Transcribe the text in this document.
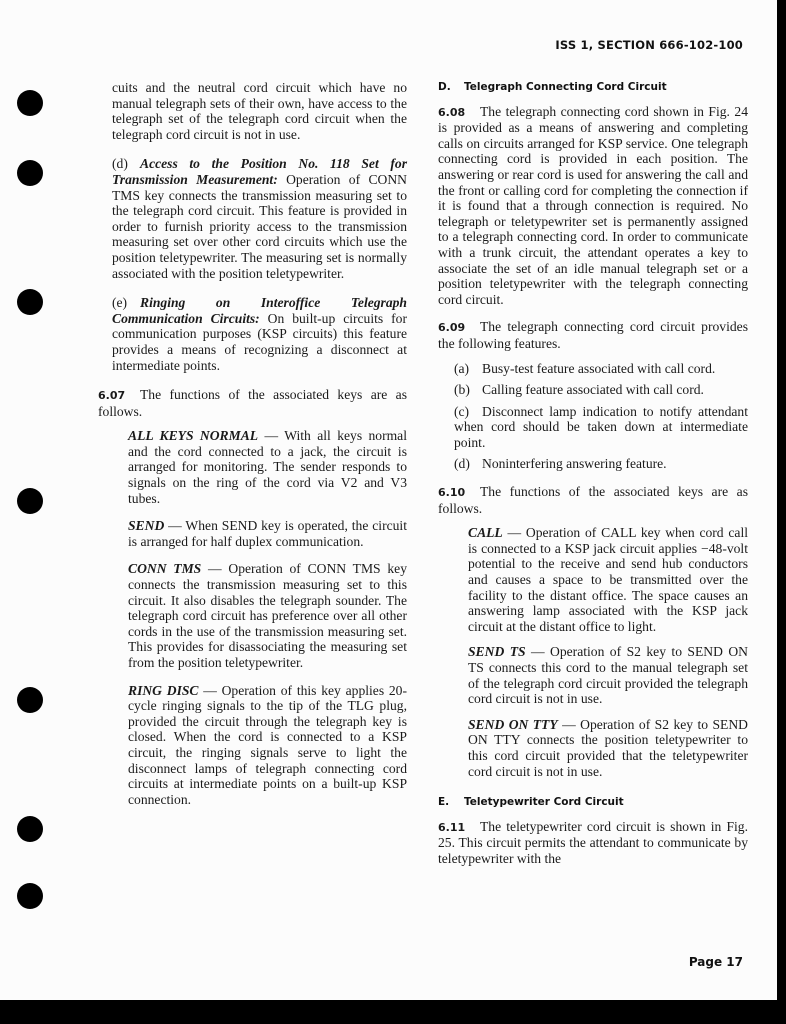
ISS 1, SECTION 666-102-100

cuits and the neutral cord circuit which have no manual telegraph sets of their own, have access to the telegraph set of the telegraph cord circuit when the telegraph cord circuit is not in use.

(d) Access to the Position No. 118 Set for Transmission Measurement: Operation of CONN TMS key connects the transmission measuring set to the telegraph cord circuit. This feature is provided in order to furnish priority access to the transmission measuring set over other cord circuits which use the position teletypewriter. The measuring set is normally associated with the position teletypewriter.

(e) Ringing on Interoffice Telegraph Communication Circuits: On built-up circuits for communication purposes (KSP circuits) this feature provides a means of recognizing a disconnect at intermediate points.

6.07 The functions of the associated keys are as follows.

ALL KEYS NORMAL — With all keys normal and the cord connected to a jack, the circuit is arranged for monitoring. The sender responds to signals on the ring of the cord via V2 and V3 tubes.

SEND — When SEND key is operated, the circuit is arranged for half duplex communication.

CONN TMS — Operation of CONN TMS key connects the transmission measuring set to this circuit. It also disables the telegraph sounder. The telegraph cord circuit has preference over all other cords in the use of the transmission measuring set. This provides for disassociating the measuring set from the position teletypewriter.

RING DISC — Operation of this key applies 20-cycle ringing signals to the tip of the TLG plug, provided the circuit through the telegraph key is closed. When the cord is connected to a KSP circuit, the ringing signals serve to light the disconnect lamps of telegraph connecting cord circuits at intermediate points on a built-up KSP connection.

D. Telegraph Connecting Cord Circuit

6.08 The telegraph connecting cord shown in Fig. 24 is provided as a means of answering and completing calls on circuits arranged for KSP service. One telegraph connecting cord is provided in each position. The answering or rear cord is used for answering the call and the front or calling cord for completing the connection if it is found that a through connection is required. No telegraph or teletypewriter set is permanently assigned to a telegraph connecting cord. In order to communicate with a trunk circuit, the attendant operates a key to associate the set of an idle manual telegraph set or a position teletypewriter with the telegraph connecting cord circuit.

6.09 The telegraph connecting cord circuit provides the following features.

(a) Busy-test feature associated with call cord.

(b) Calling feature associated with call cord.

(c) Disconnect lamp indication to notify attendant when cord should be taken down at intermediate point.

(d) Noninterfering answering feature.

6.10 The functions of the associated keys are as follows.

CALL — Operation of CALL key when cord call is connected to a KSP jack circuit applies −48-volt potential to the receive and send hub conductors and causes a space to be transmitted over the facility to the distant office. The space causes an answering lamp associated with the KSP jack circuit at the distant office to light.

SEND TS — Operation of S2 key to SEND ON TS connects this cord to the manual telegraph set of the telegraph cord circuit provided the telegraph cord circuit is not in use.

SEND ON TTY — Operation of S2 key to SEND ON TTY connects the position teletypewriter to this cord circuit provided that the teletypewriter cord circuit is not in use.

E. Teletypewriter Cord Circuit

6.11 The teletypewriter cord circuit is shown in Fig. 25. This circuit permits the attendant to communicate by teletypewriter with the

Page 17
